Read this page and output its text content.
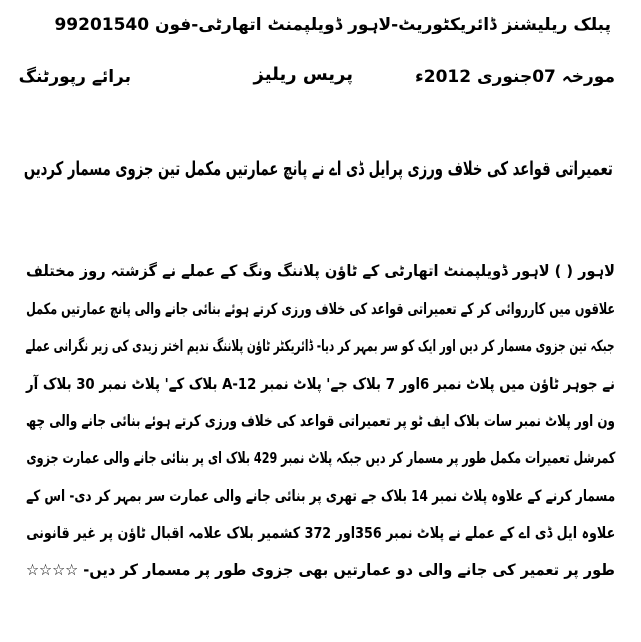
پبلک ریلیشنز ڈائریکٹوریٹ-لاہور ڈویلپمنٹ اتھارٹی-فون 99201540
مورخہ 07جنوری 2012ء
پریس ریلیز
برائے رپورٹنگ
تعمیراتی قواعد کی خلاف ورزی پرایل ڈی اے نے پانچ عمارتیں مکمل تین جزوی مسمار کردیں
لاہور ( ) لاہور ڈویلپمنٹ اتھارٹی کے ٹاؤن پلاننگ ونگ کے عملے نے گزشتہ روز مختلف
علاقوں میں کارروائی کر کے تعمیراتی قواعد کی خلاف ورزی کرتے ہوئے بنائی جانے والی پانچ عمارتیں مکمل
جبکہ تین جزوی مسمار کر دیں اور ایک کو سر بمہر کر دیا- ڈائریکٹر ٹاؤن پلاننگ ندیم اختر زیدی کی زیر نگرانی عملے
نے جوہر ٹاؤن میں پلاٹ نمبر 6اور 7 بلاک جے' پلاٹ نمبر A-12 بلاک کے' پلاٹ نمبر 30 بلاک آر
ون اور پلاٹ نمبر سات بلاک ایف ٹو پر تعمیراتی قواعد کی خلاف ورزی کرتے ہوئے بنائی جانے والی چھ
کمرشل تعمیرات مکمل طور پر مسمار کر دیں جبکہ پلاٹ نمبر 429 بلاک ای پر بنائی جانے والی عمارت جزوی
مسمار کرنے کے علاوہ پلاٹ نمبر 14 بلاک جے تھری پر بنائی جانے والی عمارت سر بمہر کر دی- اس کے
علاوہ ایل ڈی اے کے عملے نے پلاٹ نمبر 356اور 372 کشمیر بلاک علامہ اقبال ٹاؤن پر غیر قانونی
طور پر تعمیر کی جانے والی دو عمارتیں بھی جزوی طور پر مسمار کر دیں- ☆☆☆☆
